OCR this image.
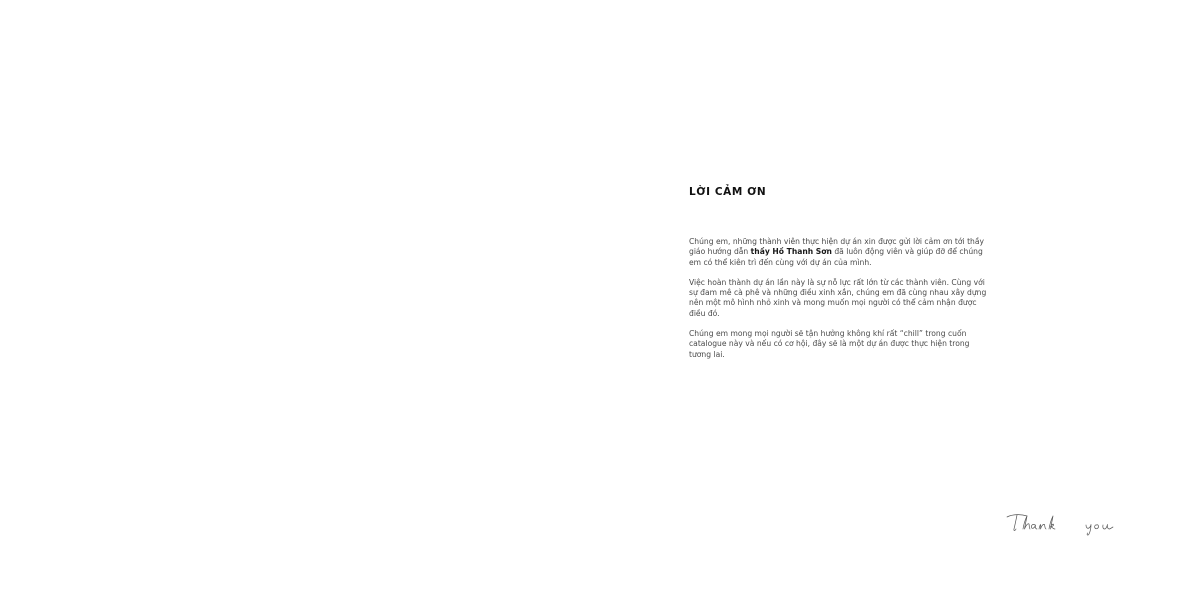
LỜI CẢM ƠN

Chúng em, những thành viên thực hiện dự án xin được gửi lời cảm ơn tới thầy giáo hướng dẫn thầy Hồ Thanh Sơn đã luôn động viên và giúp đỡ để chúng em có thể kiên trì đến cùng với dự án của mình.

Việc hoàn thành dự án lần này là sự nỗ lực rất lớn từ các thành viên. Cùng với sự đam mê cà phê và những điều xinh xắn, chúng em đã cùng nhau xây dựng nên một mô hình nhỏ xinh và mong muốn mọi người có thể cảm nhận được điều đó.

Chúng em mong mọi người sẽ tận hưởng không khí rất “chill” trong cuốn catalogue này và nếu có cơ hội, đây sẽ là một dự án được thực hiện trong tương lai.
